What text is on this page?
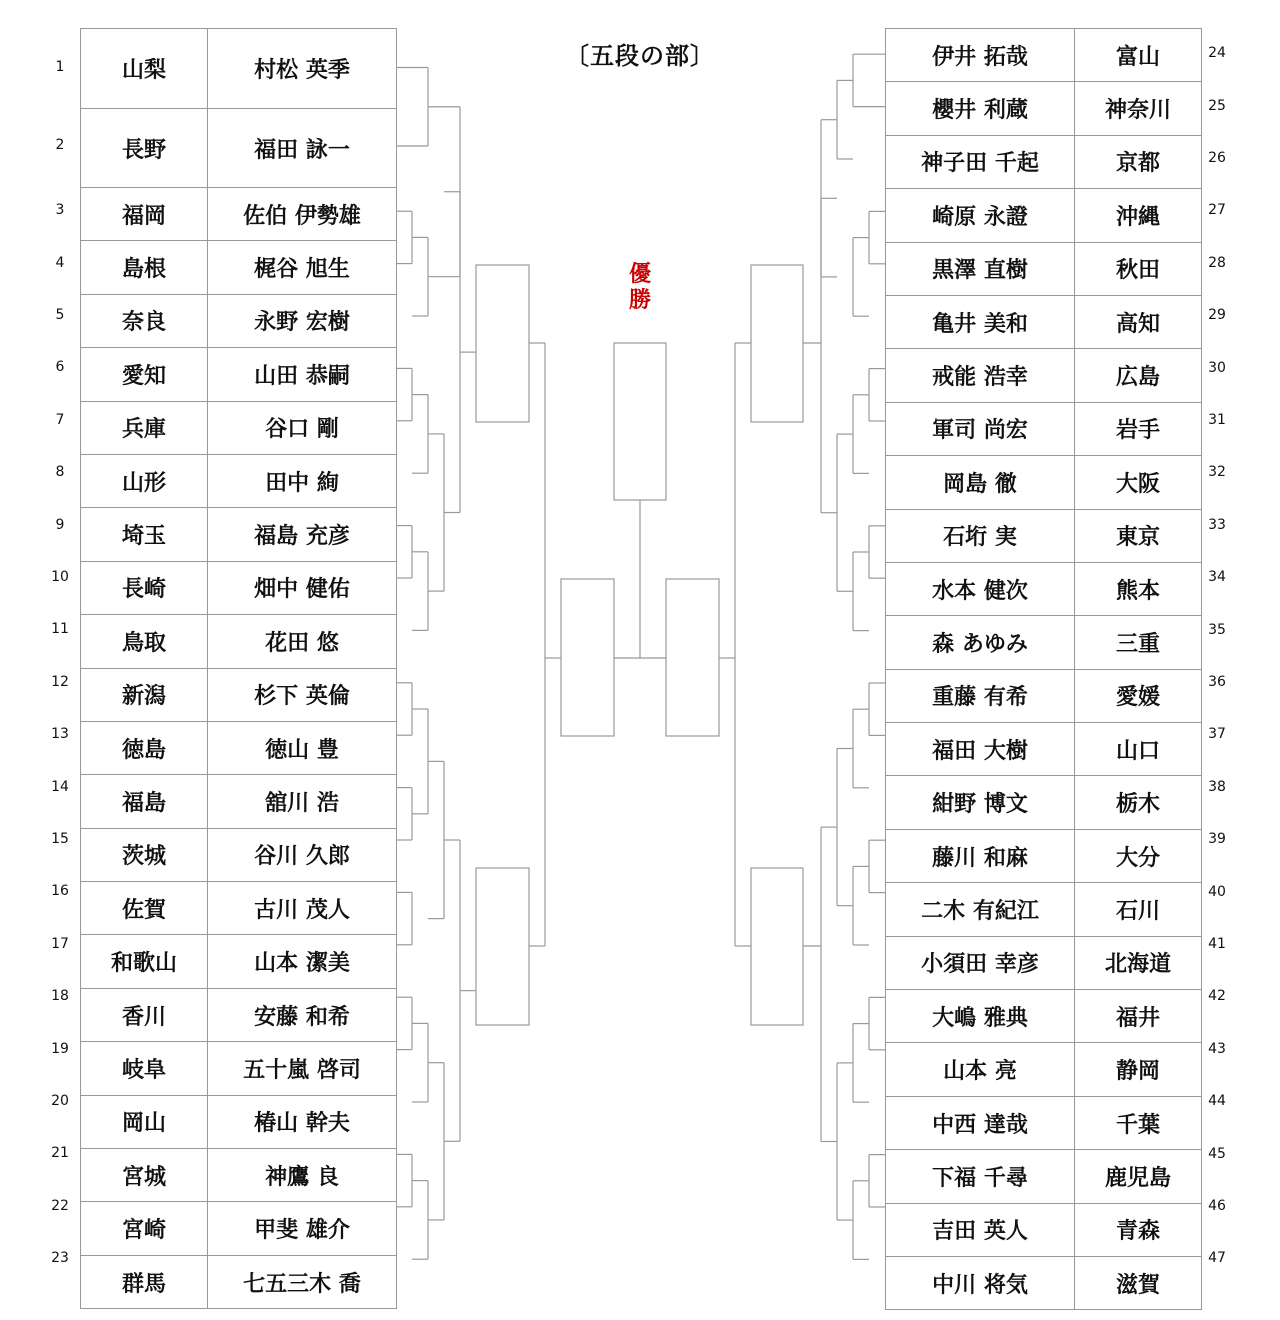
〔五段の部〕
優勝
山梨	村松 英季
長野	福田 詠一
福岡	佐伯 伊勢雄
島根	梶谷 旭生
奈良	永野 宏樹
愛知	山田 恭嗣
兵庫	谷口 剛
山形	田中 絢
埼玉	福島 充彦
長崎	畑中 健佑
鳥取	花田 悠
新潟	杉下 英倫
徳島	徳山 豊
福島	舘川 浩
茨城	谷川 久郎
佐賀	古川 茂人
和歌山	山本 潔美
香川	安藤 和希
岐阜	五十嵐 啓司
岡山	椿山 幹夫
宮城	神鷹 良
宮崎	甲斐 雄介
群馬	七五三木 喬
伊井 拓哉	富山
櫻井 利蔵	神奈川
神子田 千起	京都
崎原 永證	沖縄
黒澤 直樹	秋田
亀井 美和	高知
戒能 浩幸	広島
軍司 尚宏	岩手
岡島 徹	大阪
石垳 実	東京
水本 健次	熊本
森 あゆみ	三重
重藤 有希	愛媛
福田 大樹	山口
紺野 博文	栃木
藤川 和麻	大分
二木 有紀江	石川
小須田 幸彦	北海道
大嶋 雅典	福井
山本 亮	静岡
中西 達哉	千葉
下福 千尋	鹿児島
吉田 英人	青森
中川 将気	滋賀
1
2
3
4
5
6
7
8
9
10
11
12
13
14
15
16
17
18
19
20
21
22
23
24
25
26
27
28
29
30
31
32
33
34
35
36
37
38
39
40
41
42
43
44
45
46
47
